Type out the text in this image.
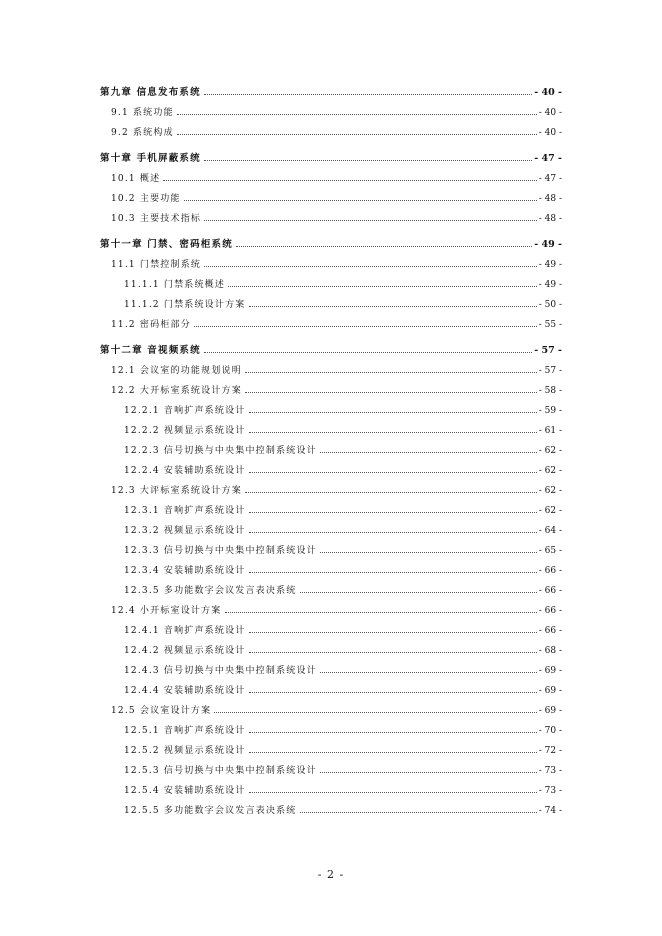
第九章 信息发布系统	- 40 -
9.1 系统功能	- 40 -
9.2 系统构成	- 40 -
第十章 手机屏蔽系统	- 47 -
10.1 概述	- 47 -
10.2 主要功能	- 48 -
10.3 主要技术指标	- 48 -
第十一章 门禁、密码柜系统	- 49 -
11.1 门禁控制系统	- 49 -
11.1.1 门禁系统概述	- 49 -
11.1.2 门禁系统设计方案	- 50 -
11.2 密码柜部分	- 55 -
第十二章 音视频系统	- 57 -
12.1 会议室的功能规划说明	- 57 -
12.2 大开标室系统设计方案	- 58 -
12.2.1 音响扩声系统设计	- 59 -
12.2.2 视频显示系统设计	- 61 -
12.2.3 信号切换与中央集中控制系统设计	- 62 -
12.2.4 安装辅助系统设计	- 62 -
12.3 大评标室系统设计方案	- 62 -
12.3.1 音响扩声系统设计	- 62 -
12.3.2 视频显示系统设计	- 64 -
12.3.3 信号切换与中央集中控制系统设计	- 65 -
12.3.4 安装辅助系统设计	- 66 -
12.3.5 多功能数字会议发言表决系统	- 66 -
12.4 小开标室设计方案	- 66 -
12.4.1 音响扩声系统设计	- 66 -
12.4.2 视频显示系统设计	- 68 -
12.4.3 信号切换与中央集中控制系统设计	- 69 -
12.4.4 安装辅助系统设计	- 69 -
12.5 会议室设计方案	- 69 -
12.5.1 音响扩声系统设计	- 70 -
12.5.2 视频显示系统设计	- 72 -
12.5.3 信号切换与中央集中控制系统设计	- 73 -
12.5.4 安装辅助系统设计	- 73 -
12.5.5 多功能数字会议发言表决系统	- 74 -
- 2 -
